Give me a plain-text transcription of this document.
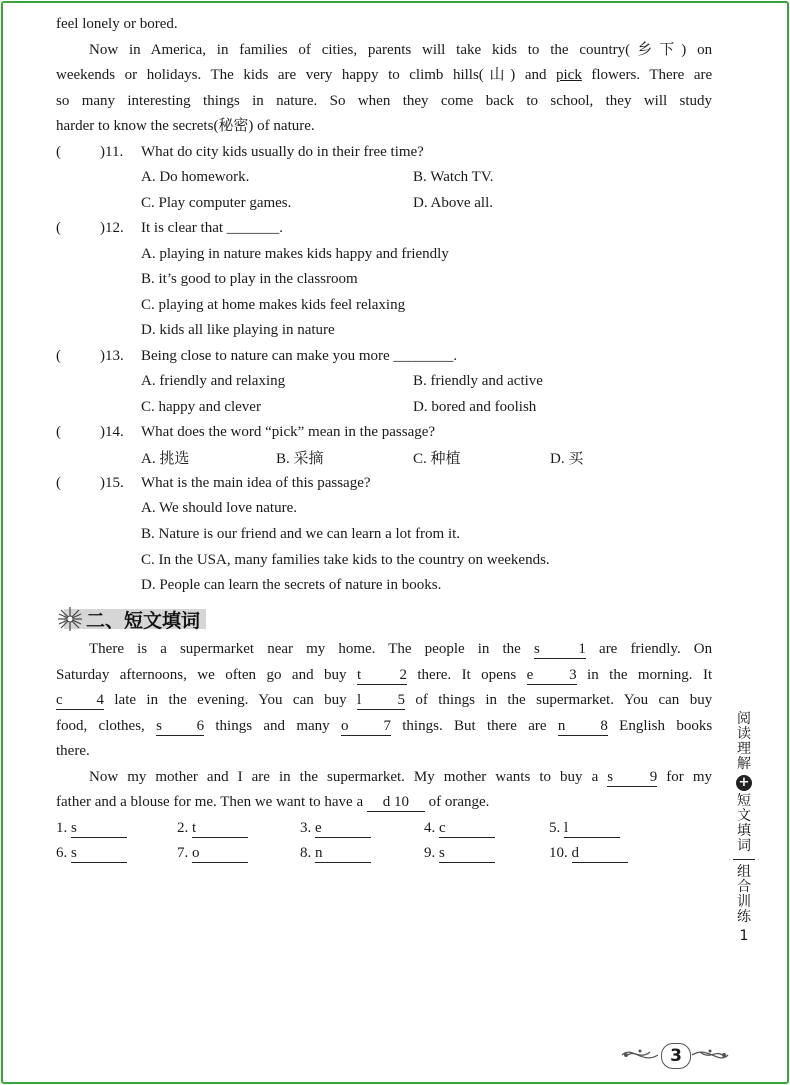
feel lonely or bored.
Now in America, in families of cities, parents will take kids to the country(乡下) on
weekends or holidays. The kids are very happy to climb hills(山) and pick flowers. There are
so many interesting things in nature. So when they come back to school, they will study
harder to know the secrets(秘密) of nature.
(	)11. What do city kids usually do in their free time?
A. Do homework.	B. Watch TV.
C. Play computer games.	D. Above all.
(	)12. It is clear that _______.
A. playing in nature makes kids happy and friendly
B. it’s good to play in the classroom
C. playing at home makes kids feel relaxing
D. kids all like playing in nature
(	)13. Being close to nature can make you more ________.
A. friendly and relaxing	B. friendly and active
C. happy and clever	D. bored and foolish
(	)14. What does the word “pick” mean in the passage?
A. 挑选	B. 采摘	C. 种植	D. 买
(	)15. What is the main idea of this passage?
A. We should love nature.
B. Nature is our friend and we can learn a lot from it.
C. In the USA, many families take kids to the country on weekends.
D. People can learn the secrets of nature in books.
二、短文填词
There is a supermarket near my home. The people in the s 1 are friendly. On
Saturday afternoons, we often go and buy t 2 there. It opens e 3 in the morning. It
c 4 late in the evening. You can buy l 5 of things in the supermarket. You can buy
food, clothes, s 6 things and many o 7 things. But there are n 8 English books
there.
Now my mother and I are in the supermarket. My mother wants to buy a s 9 for my
father and a blouse for me. Then we want to have a d 10 of orange.
1. s	2. t	3. e	4. c	5. l
6. s	7. o	8. n	9. s	10. d
阅读理解
+
短文填词
组合训练
1
3
